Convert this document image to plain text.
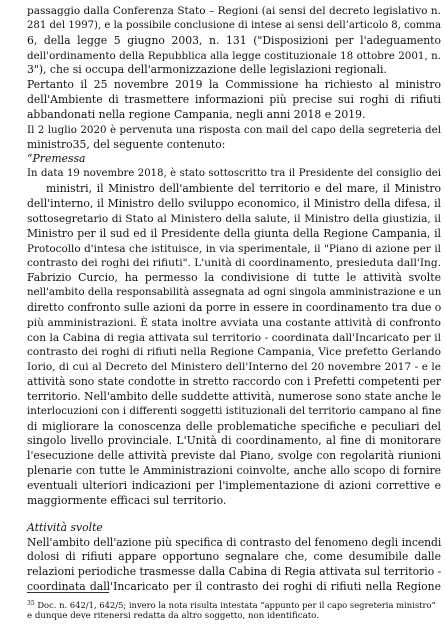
passaggio dalla Conferenza Stato – Regioni (ai sensi del decreto legislativo n.
281 del 1997), e la possibile conclusione di intese ai sensi dell’articolo 8, comma
6, della legge 5 giugno 2003, n. 131 ("Disposizioni per l'adeguamento
dell'ordinamento della Repubblica alla legge costituzionale 18 ottobre 2001, n.
3"), che si occupa dell'armonizzazione delle legislazioni regionali.
Pertanto il 25 novembre 2019 la Commissione ha richiesto al ministro
dell'Ambiente di trasmettere informazioni più precise sui roghi di rifiuti
abbandonati nella regione Campania, negli anni 2018 e 2019.
Il 2 luglio 2020 è pervenuta una risposta con mail del capo della segreteria del
ministro35, del seguente contenuto:
“Premessa
In data 19 novembre 2018, è stato sottoscritto tra il Presidente del consiglio dei
ministri, il Ministro dell'ambiente del territorio e del mare, il Ministro
dell'interno, il Ministro dello sviluppo economico, il Ministro della difesa, il
sottosegretario di Stato al Ministero della salute, il Ministro della giustizia, il
Ministro per il sud ed il Presidente della giunta della Regione Campania, il
Protocollo d'intesa che istituisce, in via sperimentale, il "Piano di azione per il
contrasto dei roghi dei rifiuti". L'unità di coordinamento, presieduta dall'Ing.
Fabrizio Curcio, ha permesso la condivisione di tutte le attività svolte
nell'ambito della responsabilità assegnata ad ogni singola amministrazione e un
diretto confronto sulle azioni da porre in essere in coordinamento tra due o
più amministrazioni. È stata inoltre avviata una costante attività di confronto
con la Cabina di regia attivata sul territorio - coordinata dall'Incaricato per il
contrasto dei roghi di rifiuti nella Regione Campania, Vice prefetto Gerlando
Iorio, di cui al Decreto del Ministero dell'Interno del 20 novembre 2017 - e le
attività sono state condotte in stretto raccordo con i Prefetti competenti per
territorio. Nell'ambito delle suddette attività, numerose sono state anche le
interlocuzioni con i differenti soggetti istituzionali del territorio campano al fine
di migliorare la conoscenza delle problematiche specifiche e peculiari del
singolo livello provinciale. L'Unità di coordinamento, al fine di monitorare
l'esecuzione delle attività previste dal Piano, svolge con regolarità riunioni
plenarie con tutte le Amministrazioni coinvolte, anche allo scopo di fornire
eventuali ulteriori indicazioni per l'implementazione di azioni correttive e
maggiormente efficaci sul territorio.
Attività svolte
Nell'ambito dell'azione più specifica di contrasto del fenomeno degli incendi
dolosi di rifiuti appare opportuno segnalare che, come desumibile dalle
relazioni periodiche trasmesse dalla Cabina di Regia attivata sul territorio -
coordinata dall'Incaricato per il contrasto dei roghi di rifiuti nella Regione
$^{35}$ Doc. n. 642/1, 642/5; invero la nota risulta intestata “appunto per il capo segreteria ministro”
e dunque deve ritenersi redatta da altro soggetto, non identificato.
